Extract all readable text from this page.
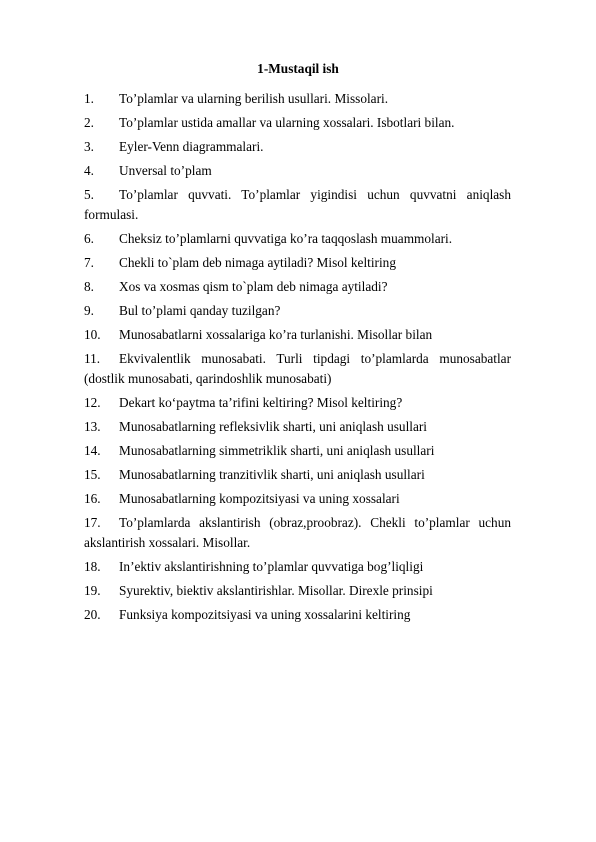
1-Mustaqil ish
1. To’plamlar va ularning berilish usullari. Missolari.
2. To’plamlar ustida amallar va ularning xossalari. Isbotlari bilan.
3. Eyler-Venn diagrammalari.
4. Unversal to’plam
5. To’plamlar quvvati. To’plamlar yigindisi uchun quvvatni aniqlash formulasi.
6. Cheksiz to’plamlarni quvvatiga ko’ra taqqoslash muammolari.
7. Chekli to`plam deb nimaga aytiladi? Misol keltiring
8. Xos va xosmas qism to`plam deb nimaga aytiladi?
9. Bul to’plami qanday tuzilgan?
10. Munosabatlarni xossalariga ko’ra turlanishi. Misollar bilan
11. Ekvivalentlik munosabati. Turli tipdagi to’plamlarda munosabatlar (dostlik munosabati, qarindoshlik munosabati)
12. Dekart ko‘paytma ta’rifini keltiring? Misol keltiring?
13. Munosabatlarning refleksivlik sharti, uni aniqlash usullari
14. Munosabatlarning simmetriklik sharti, uni aniqlash usullari
15. Munosabatlarning tranzitivlik sharti, uni aniqlash usullari
16. Munosabatlarning kompozitsiyasi va uning xossalari
17. To’plamlarda akslantirish (obraz,proobraz). Chekli to’plamlar uchun akslantirish xossalari. Misollar.
18. In’ektiv akslantirishning to’plamlar quvvatiga bog’liqligi
19. Syurektiv, biektiv akslantirishlar. Misollar. Direxle prinsipi
20. Funksiya kompozitsiyasi va uning xossalarini keltiring
